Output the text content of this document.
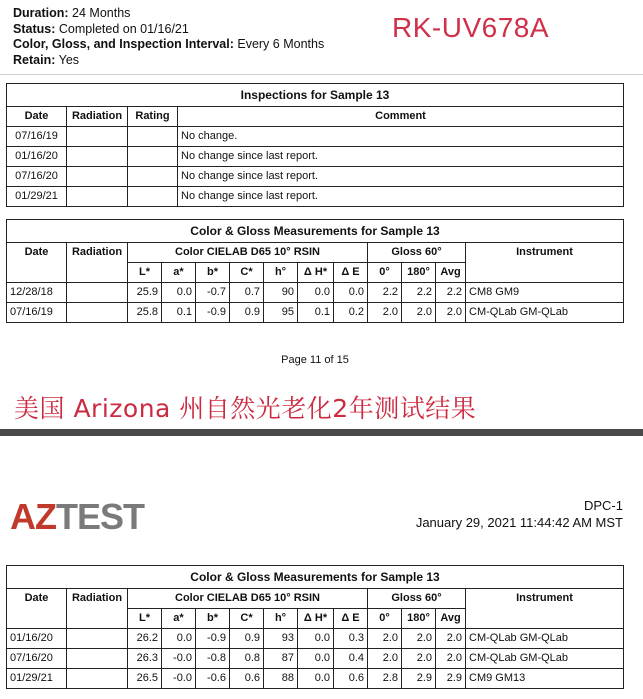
Duration: 24 Months
Status: Completed on 01/16/21
Color, Gloss, and Inspection Interval: Every 6 Months
Retain: Yes
RK-UV678A
Inspections for Sample 13			
Date	Radiation	Rating	Comment
07/16/19			No change.
01/16/20			No change since last report.
07/16/20			No change since last report.
01/29/21			No change since last report.
Color & Gloss Measurements for Sample 13												
Date	Radiation	Color CIELAB D65 10° RSIN							Gloss 60°			Instrument
		L*	a*	b*	C*	h°	Δ H*	Δ E	0°	180°	Avg	
12/28/18		25.9	0.0	-0.7	0.7	90	0.0	0.0	2.2	2.2	2.2	CM8 GM9
07/16/19		25.8	0.1	-0.9	0.9	95	0.1	0.2	2.0	2.0	2.0	CM-QLab GM-QLab
Page 11 of 15
美国 Arizona 州自然光老化2年测试结果
AZTEST	DPC-1
January 29, 2021 11:44:42 AM MST
Color & Gloss Measurements for Sample 13												
Date	Radiation	Color CIELAB D65 10° RSIN							Gloss 60°			Instrument
		L*	a*	b*	C*	h°	Δ H*	Δ E	0°	180°	Avg	
01/16/20		26.2	0.0	-0.9	0.9	93	0.0	0.3	2.0	2.0	2.0	CM-QLab GM-QLab
07/16/20		26.3	-0.0	-0.8	0.8	87	0.0	0.4	2.0	2.0	2.0	CM-QLab GM-QLab
01/29/21		26.5	-0.0	-0.6	0.6	88	0.0	0.6	2.8	2.9	2.9	CM9 GM13
